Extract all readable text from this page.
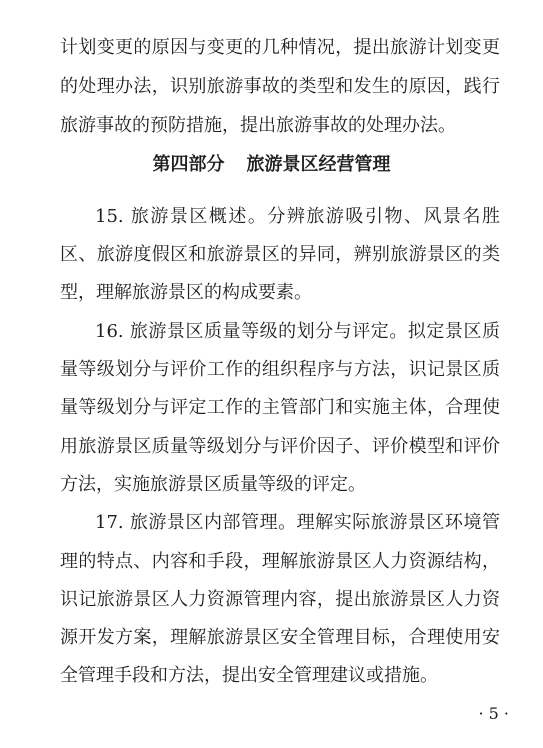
计划变更的原因与变更的几种情况，提出旅游计划变更
的处理办法，识别旅游事故的类型和发生的原因，践行
旅游事故的预防措施，提出旅游事故的处理办法。
第四部分 旅游景区经营管理
15. 旅游景区概述。分辨旅游吸引物、风景名胜
区、旅游度假区和旅游景区的异同，辨别旅游景区的类
型，理解旅游景区的构成要素。
16. 旅游景区质量等级的划分与评定。拟定景区质
量等级划分与评价工作的组织程序与方法，识记景区质
量等级划分与评定工作的主管部门和实施主体，合理使
用旅游景区质量等级划分与评价因子、评价模型和评价
方法，实施旅游景区质量等级的评定。
17. 旅游景区内部管理。理解实际旅游景区环境管
理的特点、内容和手段，理解旅游景区人力资源结构，
识记旅游景区人力资源管理内容，提出旅游景区人力资
源开发方案，理解旅游景区安全管理目标，合理使用安
全管理手段和方法，提出安全管理建议或措施。
· 5 ·
